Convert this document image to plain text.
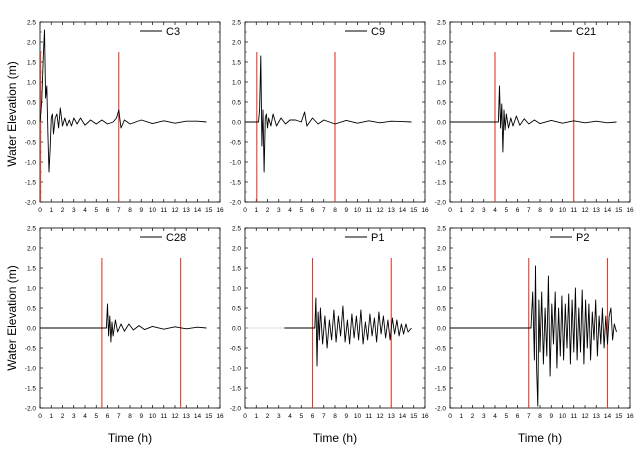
Water Elevation (m)
Water Elevation (m)
Time (h)	Time (h)	Time (h)
-2.0
-1.5
-1.0
-0.5
0.0
0.5
1.0
1.5
2.0
2.5
0 1 2 3 4 5 6 7 8 9 10 11 12 13 14 15 16
C3
-2.0
-1.5
-1.0
-0.5
0.0
0.5
1.0
1.5
2.0
2.5
0 1 2 3 4 5 6 7 8 9 10 11 12 13 14 15 16
C9
-2.0
-1.5
-1.0
-0.5
0.0
0.5
1.0
1.5
2.0
2.5
0 1 2 3 4 5 6 7 8 9 10 11 12 13 14 15 16
C21
-2.0
-1.5
-1.0
-0.5
0.0
0.5
1.0
1.5
2.0
2.5
0 1 2 3 4 5 6 7 8 9 10 11 12 13 14 15 16
C28
-2.0
-1.5
-1.0
-0.5
0.0
0.5
1.0
1.5
2.0
2.5
0 1 2 3 4 5 6 7 8 9 10 11 12 13 14 15 16
P1
-2.0
-1.5
-1.0
-0.5
0.0
0.5
1.0
1.5
2.0
2.5
0 1 2 3 4 5 6 7 8 9 10 11 12 13 14 15 16
P2
